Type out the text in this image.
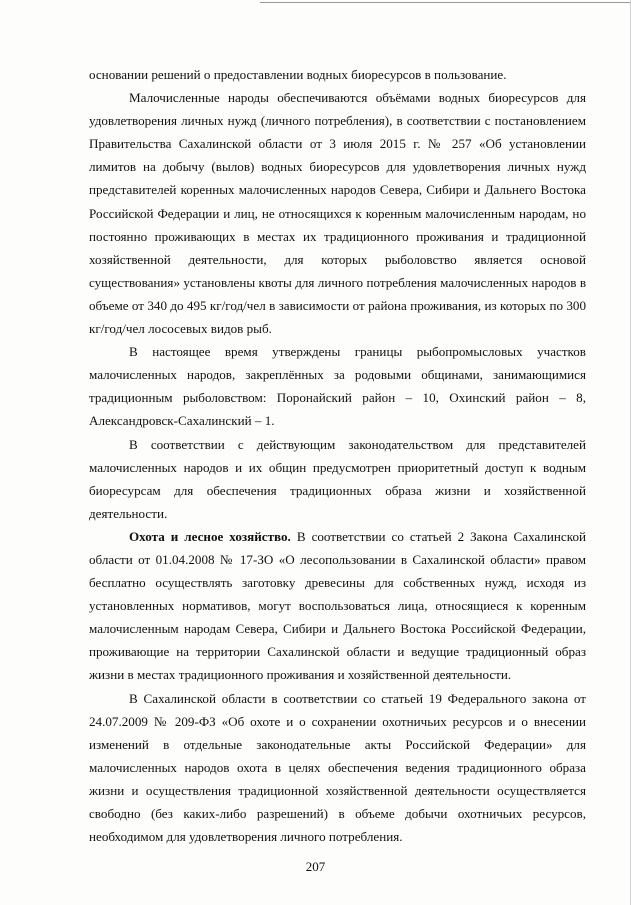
основании решений о предоставлении водных биоресурсов в пользование.

Малочисленные народы обеспечиваются объёмами водных биоресурсов для удовлетворения личных нужд (личного потребления), в соответствии с постановлением Правительства Сахалинской области от 3 июля 2015 г. № 257 «Об установлении лимитов на добычу (вылов) водных биоресурсов для удовлетворения личных нужд представителей коренных малочисленных народов Севера, Сибири и Дальнего Востока Российской Федерации и лиц, не относящихся к коренным малочисленным народам, но постоянно проживающих в местах их традиционного проживания и традиционной хозяйственной деятельности, для которых рыболовство является основой существования» установлены квоты для личного потребления малочисленных народов в объеме от 340 до 495 кг/год/чел в зависимости от района проживания, из которых по 300 кг/год/чел лососевых видов рыб.

В настоящее время утверждены границы рыбопромысловых участков малочисленных народов, закреплённых за родовыми общинами, занимающимися традиционным рыболовством: Поронайский район – 10, Охинский район – 8, Александровск-Сахалинский – 1.

В соответствии с действующим законодательством для представителей малочисленных народов и их общин предусмотрен приоритетный доступ к водным биоресурсам для обеспечения традиционных образа жизни и хозяйственной деятельности.

Охота и лесное хозяйство. В соответствии со статьей 2 Закона Сахалинской области от 01.04.2008 № 17-ЗО «О лесопользовании в Сахалинской области» правом бесплатно осуществлять заготовку древесины для собственных нужд, исходя из установленных нормативов, могут воспользоваться лица, относящиеся к коренным малочисленным народам Севера, Сибири и Дальнего Востока Российской Федерации, проживающие на территории Сахалинской области и ведущие традиционный образ жизни в местах традиционного проживания и хозяйственной деятельности.

В Сахалинской области в соответствии со статьей 19 Федерального закона от 24.07.2009 № 209-ФЗ «Об охоте и о сохранении охотничьих ресурсов и о внесении изменений в отдельные законодательные акты Российской Федерации» для малочисленных народов охота в целях обеспечения ведения традиционного образа жизни и осуществления традиционной хозяйственной деятельности осуществляется свободно (без каких-либо разрешений) в объеме добычи охотничьих ресурсов, необходимом для удовлетворения личного потребления.

207
